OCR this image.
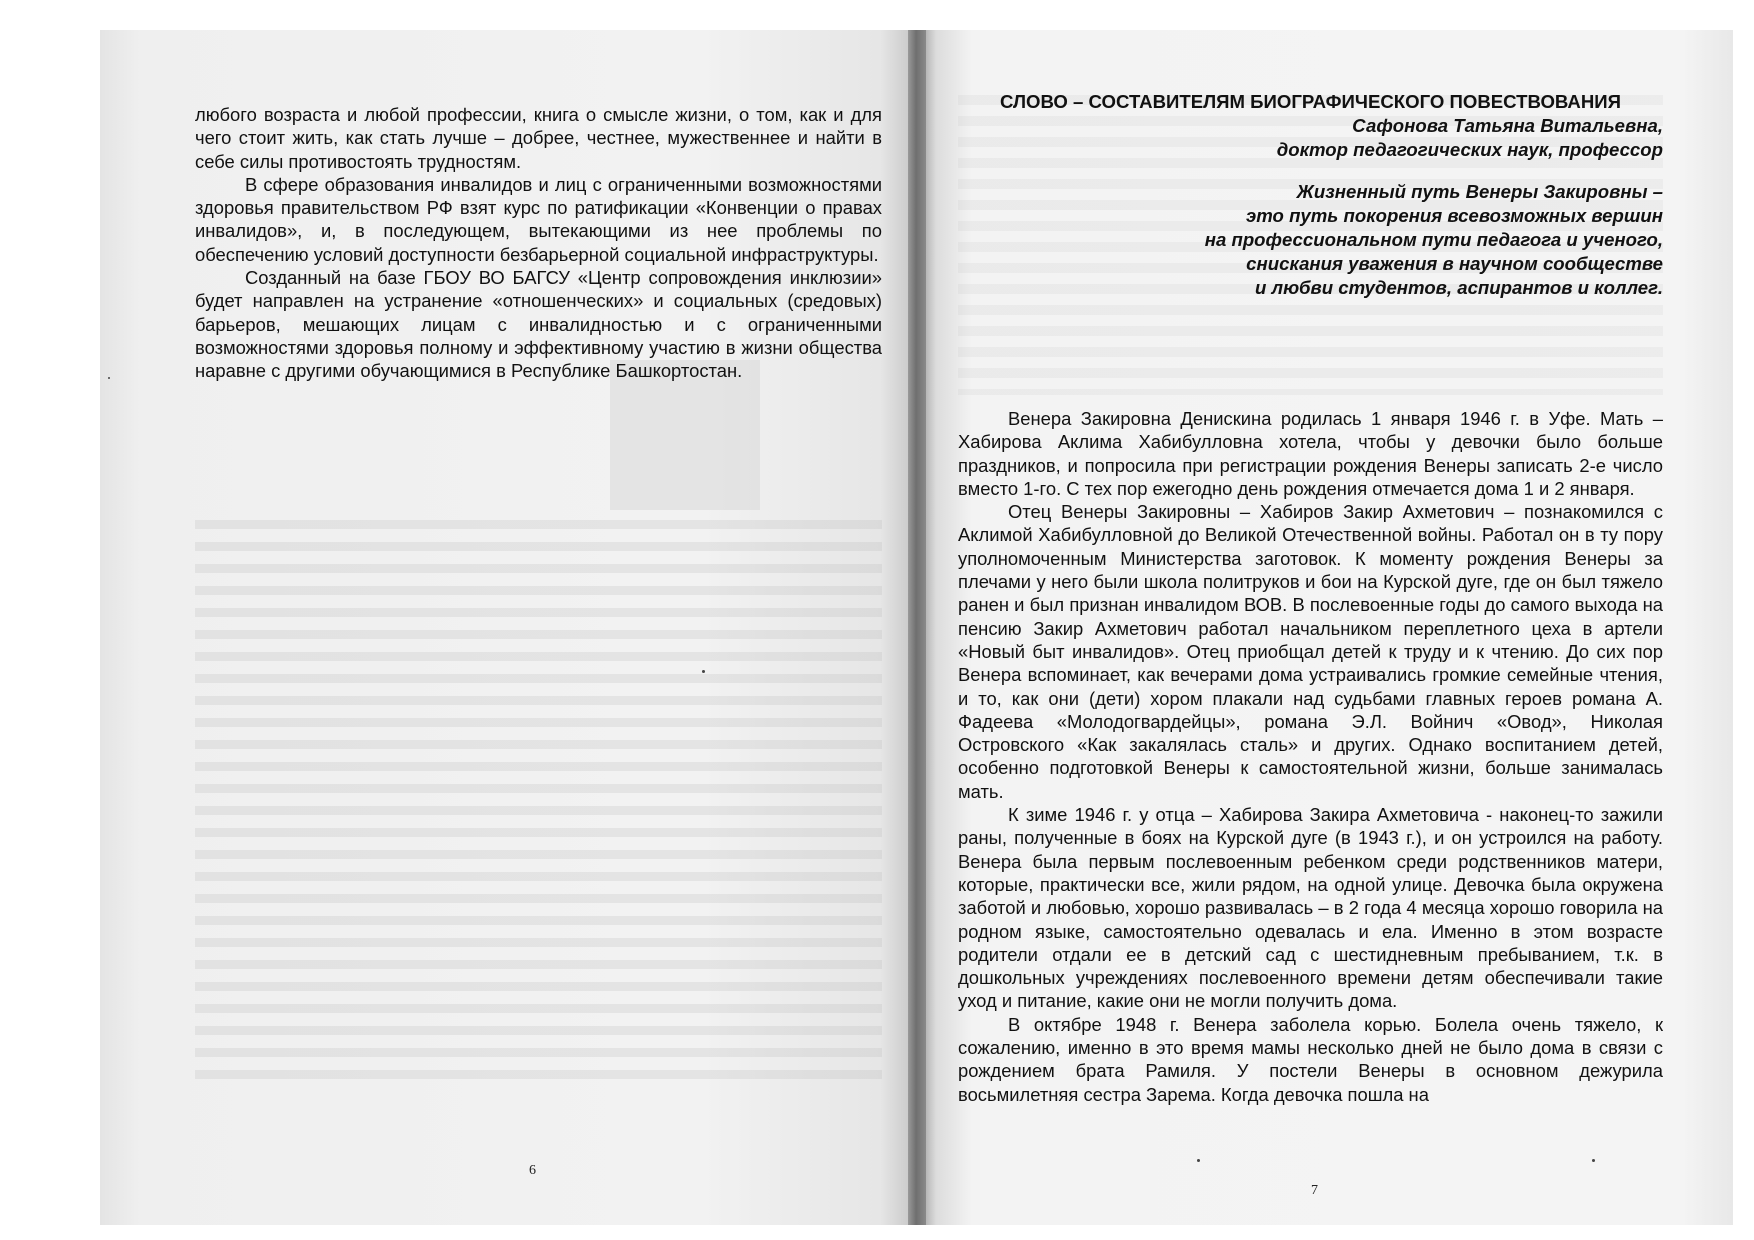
любого возраста и любой профессии, книга о смысле жизни, о том, как и для чего стоит жить, как стать лучше – добрее, честнее, мужественнее и найти в себе силы противостоять трудностям.

В сфере образования инвалидов и лиц с ограниченными возможностями здоровья правительством РФ взят курс по ратификации «Конвенции о правах инвалидов», и, в последующем, вытекающими из нее проблемы по обеспечению условий доступности безбарьерной социальной инфраструктуры.

Созданный на базе ГБОУ ВО БАГСУ «Центр сопровождения инклюзии» будет направлен на устранение «отношенческих» и социальных (средовых) барьеров, мешающих лицам с инвалидностью и с ограниченными возможностями здоровья полному и эффективному участию в жизни общества наравне с другими обучающимися в Республике Башкортостан.

6

СЛОВО – СОСТАВИТЕЛЯМ БИОГРАФИЧЕСКОГО ПОВЕСТВОВАНИЯ

Сафонова Татьяна Витальевна,

доктор педагогических наук, профессор

Жизненный путь Венеры Закировны –
это путь покорения всевозможных вершин
на профессиональном пути педагога и ученого,
снискания уважения в научном сообществе
и любви студентов, аспирантов и коллег.

Венера Закировна Денискина родилась 1 января 1946 г. в Уфе. Мать – Хабирова Аклима Хабибулловна хотела, чтобы у девочки было больше праздников, и попросила при регистрации рождения Венеры записать 2-е число вместо 1-го. С тех пор ежегодно день рождения отмечается дома 1 и 2 января.

Отец Венеры Закировны – Хабиров Закир Ахметович – познакомился с Аклимой Хабибулловной до Великой Отечественной войны. Работал он в ту пору уполномоченным Министерства заготовок. К моменту рождения Венеры за плечами у него были школа политруков и бои на Курской дуге, где он был тяжело ранен и был признан инвалидом ВОВ. В послевоенные годы до самого выхода на пенсию Закир Ахметович работал начальником переплетного цеха в артели «Новый быт инвалидов». Отец приобщал детей к труду и к чтению. До сих пор Венера вспоминает, как вечерами дома устраивались громкие семейные чтения, и то, как они (дети) хором плакали над судьбами главных героев романа А. Фадеева «Молодогвардейцы», романа Э.Л. Войнич «Овод», Николая Островского «Как закалялась сталь» и других. Однако воспитанием детей, особенно подготовкой Венеры к самостоятельной жизни, больше занималась мать.

К зиме 1946 г. у отца – Хабирова Закира Ахметовича - наконец-то зажили раны, полученные в боях на Курской дуге (в 1943 г.), и он устроился на работу. Венера была первым послевоенным ребенком среди родственников матери, которые, практически все, жили рядом, на одной улице. Девочка была окружена заботой и любовью, хорошо развивалась – в 2 года 4 месяца хорошо говорила на родном языке, самостоятельно одевалась и ела. Именно в этом возрасте родители отдали ее в детский сад с шестидневным пребыванием, т.к. в дошкольных учреждениях послевоенного времени детям обеспечивали такие уход и питание, какие они не могли получить дома.

В октябре 1948 г. Венера заболела корью. Болела очень тяжело, к сожалению, именно в это время мамы несколько дней не было дома в связи с рождением брата Рамиля. У постели Венеры в основном дежурила восьмилетняя сестра Зарема. Когда девочка пошла на

7
